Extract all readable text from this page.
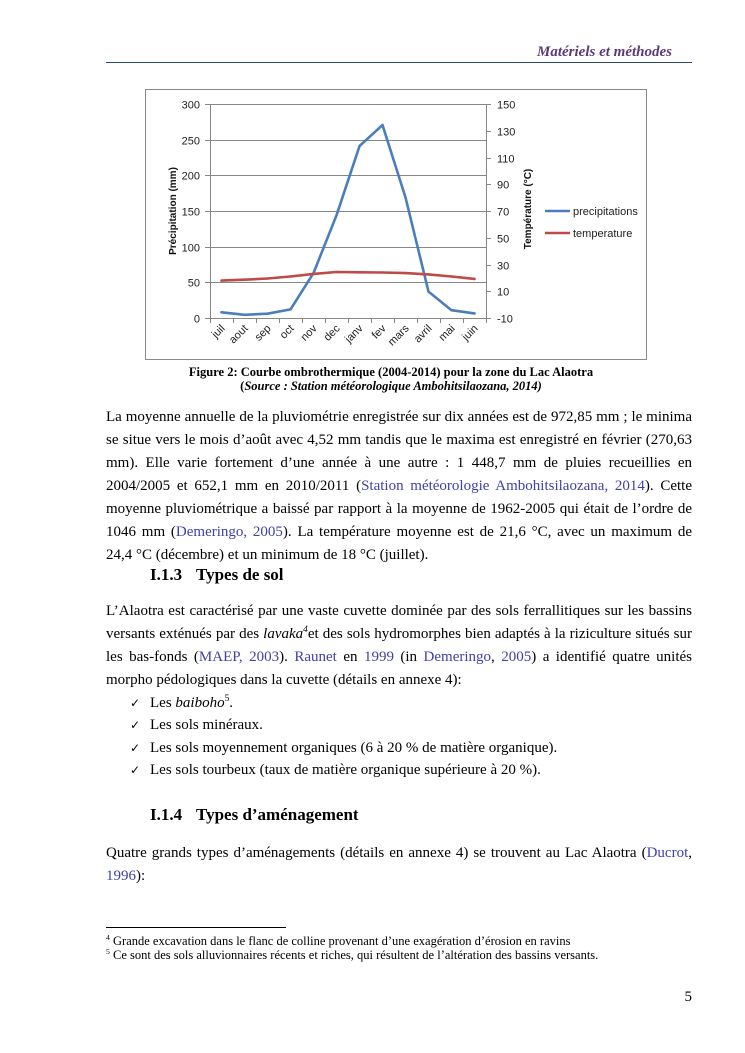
Matériels et méthodes
0
50
100
150
200
250
300
-10
10
30
50
70
90
110
130
150
juil aout sep oct nov dec janv fev
mars avril mai juin
Précipitation (mm)	Température (°C)	precipitations
temperature
Figure 2: Courbe ombrothermique (2004-2014) pour la zone du Lac Alaotra
(Source : Station météorologique Ambohitsilaozana, 2014)
La moyenne annuelle de la pluviométrie enregistrée sur dix années est de 972,85 mm ; le minima se situe vers le mois d’août avec 4,52 mm tandis que le maxima est enregistré en février (270,63 mm). Elle varie fortement d’une année à une autre : 1 448,7 mm de pluies recueillies en 2004/2005 et 652,1 mm en 2010/2011 (Station météorologie Ambohitsilaozana, 2014). Cette moyenne pluviométrique a baissé par rapport à la moyenne de 1962-2005 qui était de l’ordre de 1046 mm (Demeringo, 2005). La température moyenne est de 21,6 °C, avec un maximum de 24,4 °C (décembre) et un minimum de 18 °C (juillet).
I.1.3 Types de sol
L’Alaotra est caractérisé par une vaste cuvette dominée par des sols ferrallitiques sur les bassins versants exténués par des lavaka$^4$et des sols hydromorphes bien adaptés à la riziculture situés sur les bas-fonds (MAEP, 2003). Raunet en 1999 (in Demeringo, 2005) a identifié quatre unités morpho pédologiques dans la cuvette (détails en annexe 4):
✓ Les baiboho$^5$.
✓ Les sols minéraux.
✓ Les sols moyennement organiques (6 à 20 % de matière organique).
✓ Les sols tourbeux (taux de matière organique supérieure à 20 %).
I.1.4 Types d’aménagement
Quatre grands types d’aménagements (détails en annexe 4) se trouvent au Lac Alaotra (Ducrot, 1996):
$^4$ Grande excavation dans le flanc de colline provenant d’une exagération d’érosion en ravins
$^5$ Ce sont des sols alluvionnaires récents et riches, qui résultent de l’altération des bassins versants.
5
